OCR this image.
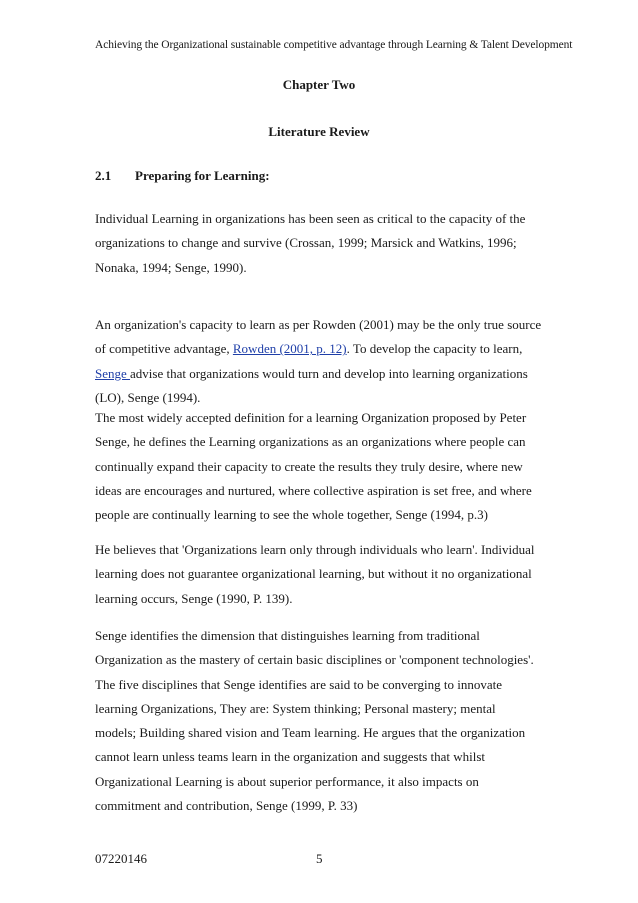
Achieving the Organizational sustainable competitive advantage through Learning & Talent Development
Chapter Two
Literature Review
2.1 Preparing for Learning:
Individual Learning in organizations has been seen as critical to the capacity of the
organizations to change and survive (Crossan, 1999; Marsick and Watkins, 1996;
Nonaka, 1994; Senge, 1990).
An organization's capacity to learn as per Rowden (2001) may be the only true source
of competitive advantage, Rowden (2001, p. 12). To develop the capacity to learn,
Senge advise that organizations would turn and develop into learning organizations
(LO), Senge (1994).
The most widely accepted definition for a learning Organization proposed by Peter
Senge, he defines the Learning organizations as an organizations where people can
continually expand their capacity to create the results they truly desire, where new
ideas are encourages and nurtured, where collective aspiration is set free, and where
people are continually learning to see the whole together, Senge (1994, p.3)
He believes that 'Organizations learn only through individuals who learn'. Individual
learning does not guarantee organizational learning, but without it no organizational
learning occurs, Senge (1990, P. 139).
Senge identifies the dimension that distinguishes learning from traditional
Organization as the mastery of certain basic disciplines or 'component technologies'.
The five disciplines that Senge identifies are said to be converging to innovate
learning Organizations, They are: System thinking; Personal mastery; mental
models; Building shared vision and Team learning. He argues that the organization
cannot learn unless teams learn in the organization and suggests that whilst
Organizational Learning is about superior performance, it also impacts on
commitment and contribution, Senge (1999, P. 33)
07220146	5
